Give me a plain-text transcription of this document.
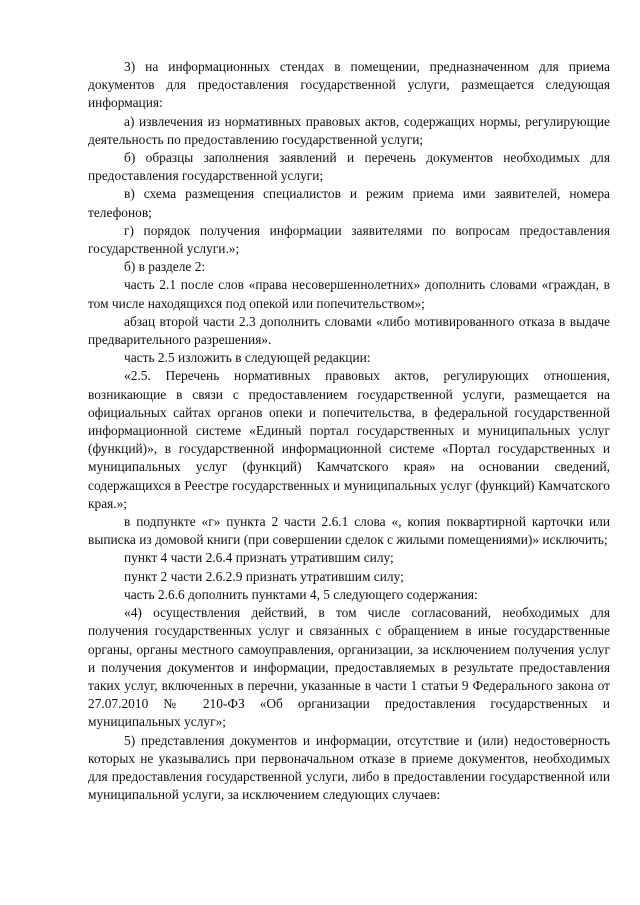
3) на информационных стендах в помещении, предназначенном для приема документов для предоставления государственной услуги, размещается следующая информация:

а) извлечения из нормативных правовых актов, содержащих нормы, регулирующие деятельность по предоставлению государственной услуги;

б) образцы заполнения заявлений и перечень документов необходимых для предоставления государственной услуги;

в) схема размещения специалистов и режим приема ими заявителей, номера телефонов;

г) порядок получения информации заявителями по вопросам предоставления государственной услуги.»;

б) в разделе 2:

часть 2.1 после слов «права несовершеннолетних» дополнить словами «граждан, в том числе находящихся под опекой или попечительством»;

абзац второй части 2.3 дополнить словами «либо мотивированного отказа в выдаче предварительного разрешения».

часть 2.5 изложить в следующей редакции:

«2.5. Перечень нормативных правовых актов, регулирующих отношения, возникающие в связи с предоставлением государственной услуги, размещается на официальных сайтах органов опеки и попечительства, в федеральной государственной информационной системе «Единый портал государственных и муниципальных услуг (функций)», в государственной информационной системе «Портал государственных и муниципальных услуг (функций) Камчатского края» на основании сведений, содержащихся в Реестре государственных и муниципальных услуг (функций) Камчатского края.»;

в подпункте «г» пункта 2 части 2.6.1 слова «, копия поквартирной карточки или выписка из домовой книги (при совершении сделок с жилыми помещениями)» исключить;

пункт 4 части 2.6.4 признать утратившим силу;

пункт 2 части 2.6.2.9 признать утратившим силу;

часть 2.6.6 дополнить пунктами 4, 5 следующего содержания:

«4) осуществления действий, в том числе согласований, необходимых для получения государственных услуг и связанных с обращением в иные государственные органы, органы местного самоуправления, организации, за исключением получения услуг и получения документов и информации, предоставляемых в результате предоставления таких услуг, включенных в перечни, указанные в части 1 статьи 9 Федерального закона от 27.07.2010 № 210-ФЗ «Об организации предоставления государственных и муниципальных услуг»;

5) представления документов и информации, отсутствие и (или) недостоверность которых не указывались при первоначальном отказе в приеме документов, необходимых для предоставления государственной услуги, либо в предоставлении государственной или муниципальной услуги, за исключением следующих случаев:
